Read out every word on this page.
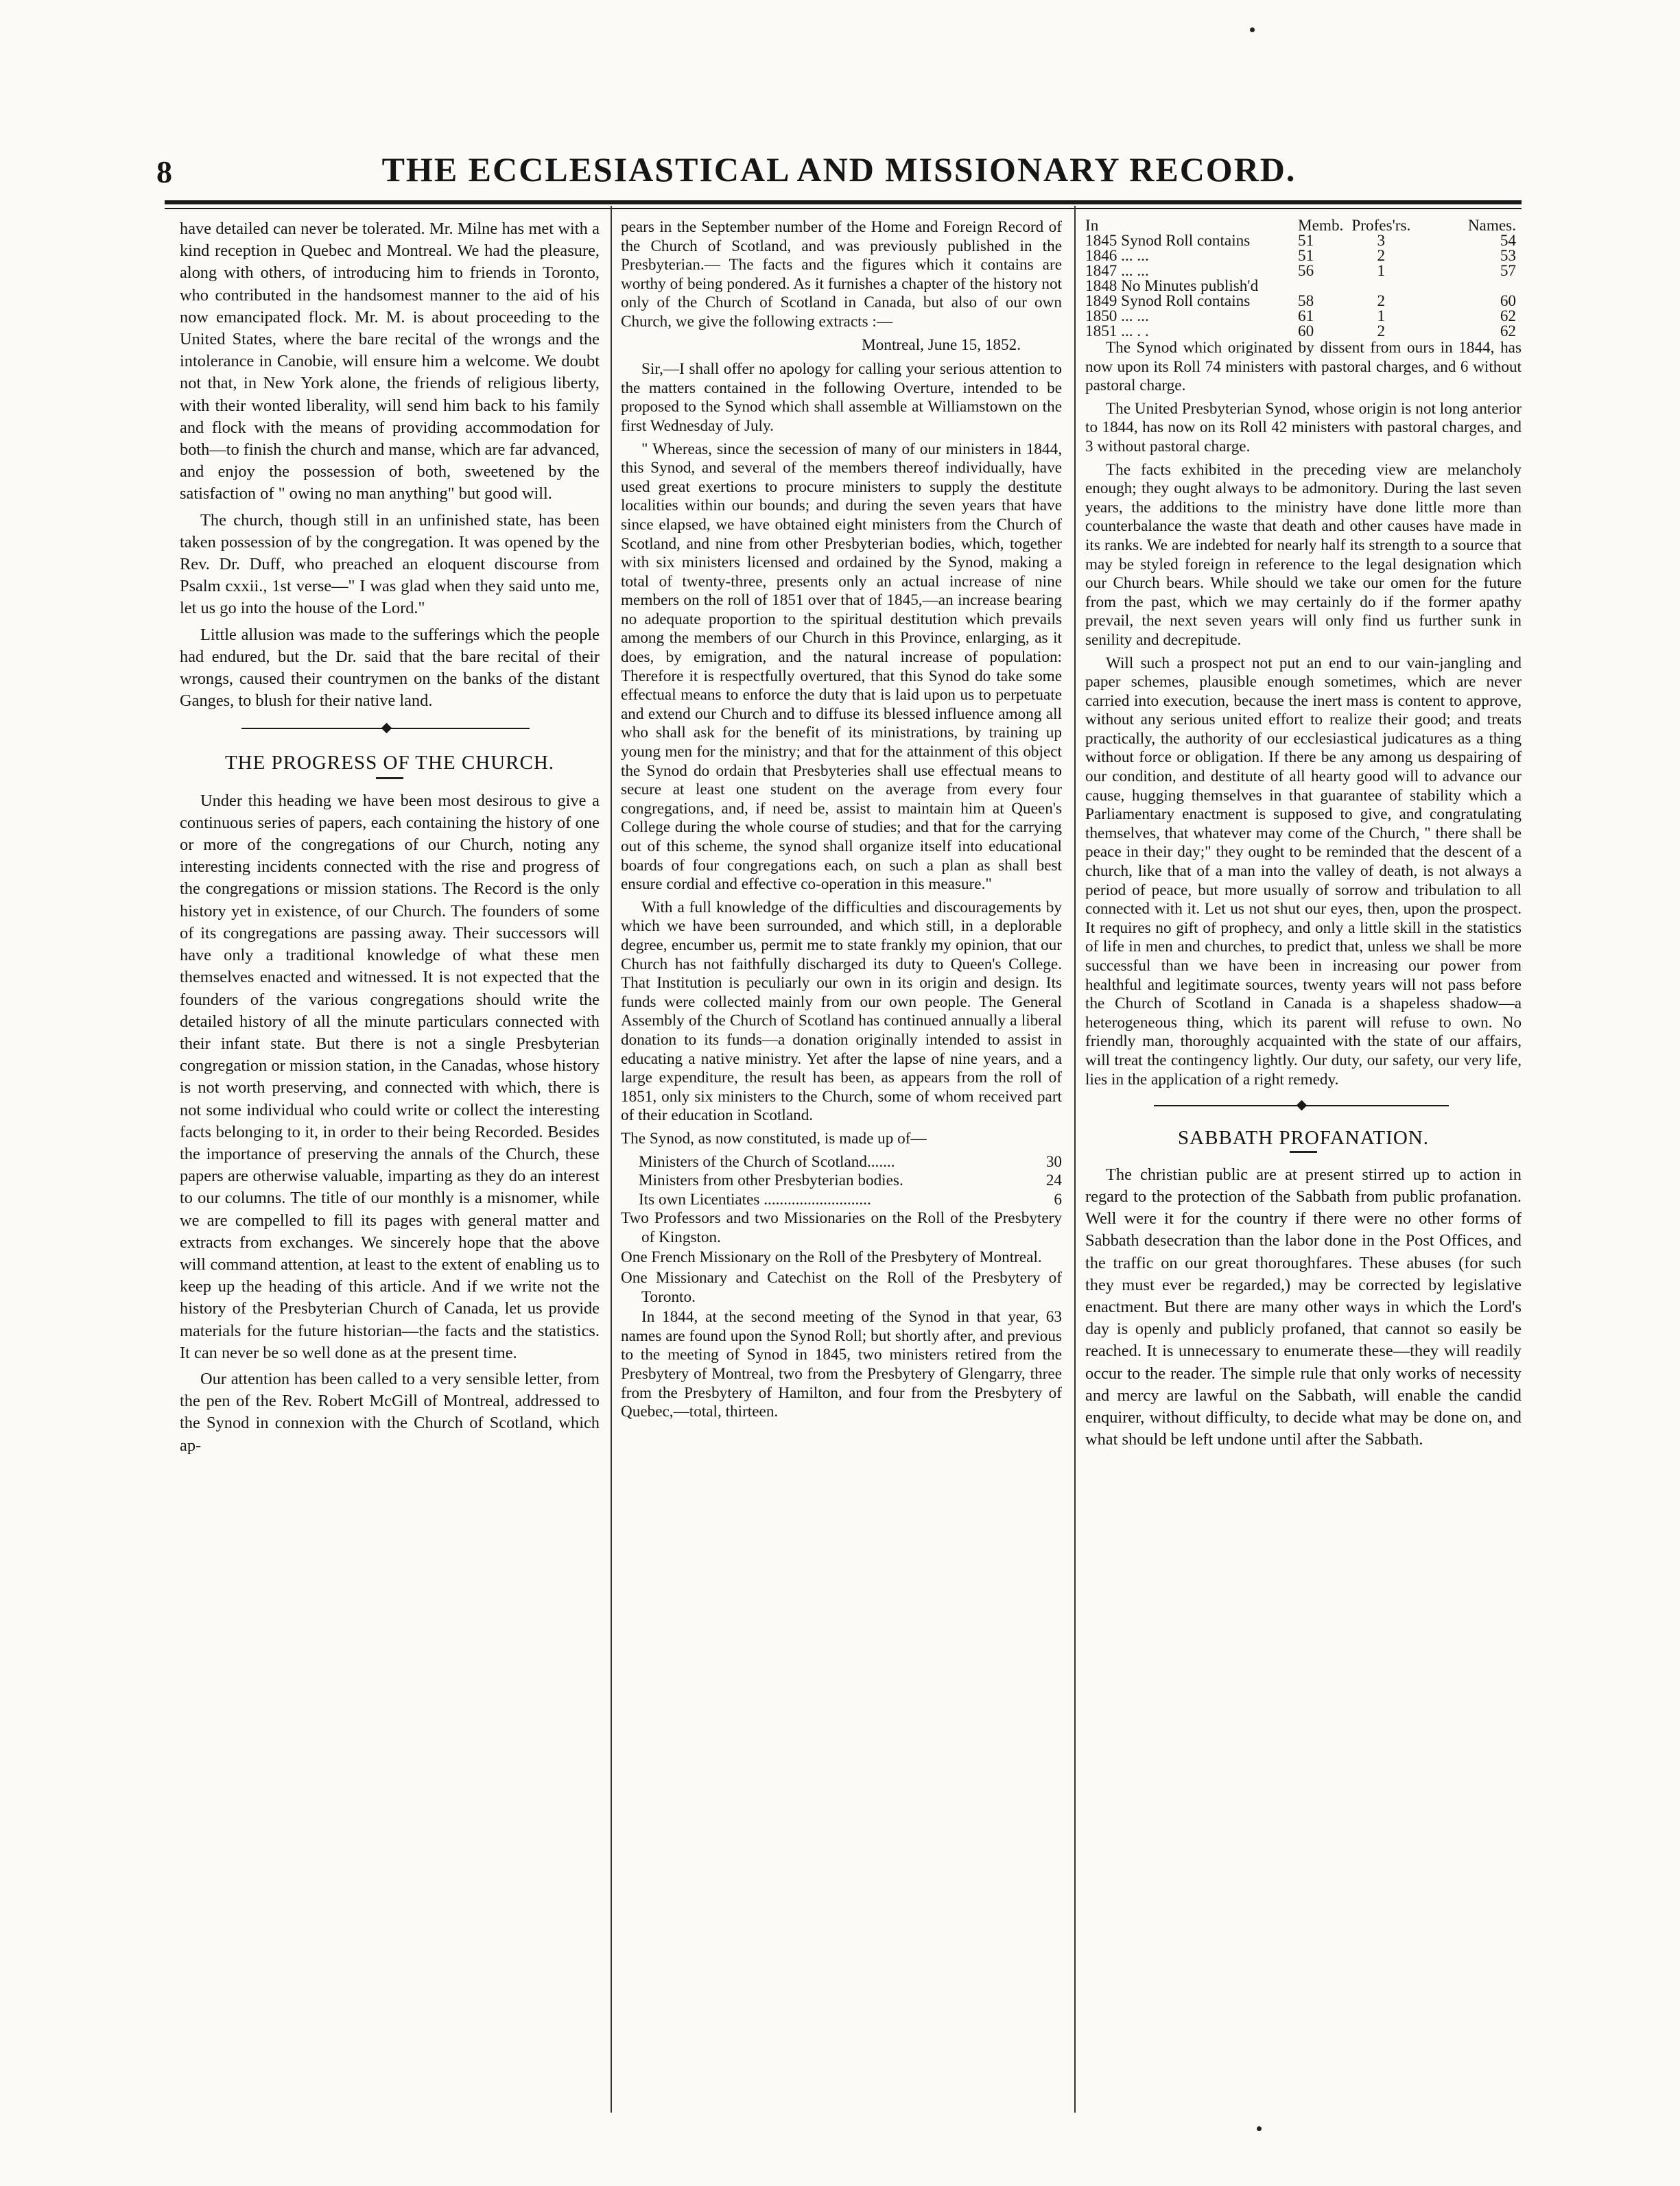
8	THE ECCLESIASTICAL AND MISSIONARY RECORD.

have detailed can never be tolerated. Mr. Milne has met with a kind reception in Quebec and Montreal. We had the pleasure, along with others, of introducing him to friends in Toronto, who contributed in the handsomest manner to the aid of his now emancipated flock. Mr. M. is about proceeding to the United States, where the bare recital of the wrongs and the intolerance in Canobie, will ensure him a welcome. We doubt not that, in New York alone, the friends of religious liberty, with their wonted liberality, will send him back to his family and flock with the means of providing accommodation for both—to finish the church and manse, which are far advanced, and enjoy the possession of both, sweetened by the satisfaction of " owing no man anything" but good will.

The church, though still in an unfinished state, has been taken possession of by the congregation. It was opened by the Rev. Dr. Duff, who preached an eloquent discourse from Psalm cxxii., 1st verse—" I was glad when they said unto me, let us go into the house of the Lord."

Little allusion was made to the sufferings which the people had endured, but the Dr. said that the bare recital of their wrongs, caused their countrymen on the banks of the distant Ganges, to blush for their native land.

THE PROGRESS OF THE CHURCH.

Under this heading we have been most desirous to give a continuous series of papers, each containing the history of one or more of the congregations of our Church, noting any interesting incidents connected with the rise and progress of the congregations or mission stations. The Record is the only history yet in existence, of our Church. The founders of some of its congregations are passing away. Their successors will have only a traditional knowledge of what these men themselves enacted and witnessed. It is not expected that the founders of the various congregations should write the detailed history of all the minute particulars connected with their infant state. But there is not a single Presbyterian congregation or mission station, in the Canadas, whose history is not worth preserving, and connected with which, there is not some individual who could write or collect the interesting facts belonging to it, in order to their being Recorded. Besides the importance of preserving the annals of the Church, these papers are otherwise valuable, imparting as they do an interest to our columns. The title of our monthly is a misnomer, while we are compelled to fill its pages with general matter and extracts from exchanges. We sincerely hope that the above will command attention, at least to the extent of enabling us to keep up the heading of this article. And if we write not the history of the Presbyterian Church of Canada, let us provide materials for the future historian—the facts and the statistics. It can never be so well done as at the present time.

Our attention has been called to a very sensible letter, from the pen of the Rev. Robert McGill of Montreal, addressed to the Synod in connexion with the Church of Scotland, which ap-

pears in the September number of the Home and Foreign Record of the Church of Scotland, and was previously published in the Presbyterian.— The facts and the figures which it contains are worthy of being pondered. As it furnishes a chapter of the history not only of the Church of Scotland in Canada, but also of our own Church, we give the following extracts :—

Montreal, June 15, 1852.

Sir,—I shall offer no apology for calling your serious attention to the matters contained in the following Overture, intended to be proposed to the Synod which shall assemble at Williamstown on the first Wednesday of July.

" Whereas, since the secession of many of our ministers in 1844, this Synod, and several of the members thereof individually, have used great exertions to procure ministers to supply the destitute localities within our bounds; and during the seven years that have since elapsed, we have obtained eight ministers from the Church of Scotland, and nine from other Presbyterian bodies, which, together with six ministers licensed and ordained by the Synod, making a total of twenty-three, presents only an actual increase of nine members on the roll of 1851 over that of 1845,—an increase bearing no adequate proportion to the spiritual destitution which prevails among the members of our Church in this Province, enlarging, as it does, by emigration, and the natural increase of population: Therefore it is respectfully overtured, that this Synod do take some effectual means to enforce the duty that is laid upon us to perpetuate and extend our Church and to diffuse its blessed influence among all who shall ask for the benefit of its ministrations, by training up young men for the ministry; and that for the attainment of this object the Synod do ordain that Presbyteries shall use effectual means to secure at least one student on the average from every four congregations, and, if need be, assist to maintain him at Queen's College during the whole course of studies; and that for the carrying out of this scheme, the synod shall organize itself into educational boards of four congregations each, on such a plan as shall best ensure cordial and effective co-operation in this measure."

With a full knowledge of the difficulties and discouragements by which we have been surrounded, and which still, in a deplorable degree, encumber us, permit me to state frankly my opinion, that our Church has not faithfully discharged its duty to Queen's College. That Institution is peculiarly our own in its origin and design. Its funds were collected mainly from our own people. The General Assembly of the Church of Scotland has continued annually a liberal donation to its funds—a donation originally intended to assist in educating a native ministry. Yet after the lapse of nine years, and a large expenditure, the result has been, as appears from the roll of 1851, only six ministers to the Church, some of whom received part of their education in Scotland.

The Synod, as now constituted, is made up of—

Ministers of the Church of Scotland.......	30

Ministers from other Presbyterian bodies.	24

Its own Licentiates ...........................	6

Two Professors and two Missionaries on the Roll of the Presbytery of Kingston.

One French Missionary on the Roll of the Presbytery of Montreal.

One Missionary and Catechist on the Roll of the Presbytery of Toronto.

In 1844, at the second meeting of the Synod in that year, 63 names are found upon the Synod Roll; but shortly after, and previous to the meeting of Synod in 1845, two ministers retired from the Presbytery of Montreal, two from the Presbytery of Glengarry, three from the Presbytery of Hamilton, and four from the Presbytery of Quebec,—total, thirteen.

In	Memb.	Profes'rs.	Names.
1845 Synod Roll contains	51	3	54
1846 ... ...	51	2	53
1847 ... ...	56	1	57
1848 No Minutes publish'd			
1849 Synod Roll contains	58	2	60
1850 ... ...	61	1	62
1851 ... . .	60	2	62

The Synod which originated by dissent from ours in 1844, has now upon its Roll 74 ministers with pastoral charges, and 6 without pastoral charge.

The United Presbyterian Synod, whose origin is not long anterior to 1844, has now on its Roll 42 ministers with pastoral charges, and 3 without pastoral charge.

The facts exhibited in the preceding view are melancholy enough; they ought always to be admonitory. During the last seven years, the additions to the ministry have done little more than counterbalance the waste that death and other causes have made in its ranks. We are indebted for nearly half its strength to a source that may be styled foreign in reference to the legal designation which our Church bears. While should we take our omen for the future from the past, which we may certainly do if the former apathy prevail, the next seven years will only find us further sunk in senility and decrepitude.

Will such a prospect not put an end to our vain-jangling and paper schemes, plausible enough sometimes, which are never carried into execution, because the inert mass is content to approve, without any serious united effort to realize their good; and treats practically, the authority of our ecclesiastical judicatures as a thing without force or obligation. If there be any among us despairing of our condition, and destitute of all hearty good will to advance our cause, hugging themselves in that guarantee of stability which a Parliamentary enactment is supposed to give, and congratulating themselves, that whatever may come of the Church, " there shall be peace in their day;" they ought to be reminded that the descent of a church, like that of a man into the valley of death, is not always a period of peace, but more usually of sorrow and tribulation to all connected with it. Let us not shut our eyes, then, upon the prospect. It requires no gift of prophecy, and only a little skill in the statistics of life in men and churches, to predict that, unless we shall be more successful than we have been in increasing our power from healthful and legitimate sources, twenty years will not pass before the Church of Scotland in Canada is a shapeless shadow—a heterogeneous thing, which its parent will refuse to own. No friendly man, thoroughly acquainted with the state of our affairs, will treat the contingency lightly. Our duty, our safety, our very life, lies in the application of a right remedy.

SABBATH PROFANATION.

The christian public are at present stirred up to action in regard to the protection of the Sabbath from public profanation. Well were it for the country if there were no other forms of Sabbath desecration than the labor done in the Post Offices, and the traffic on our great thoroughfares. These abuses (for such they must ever be regarded,) may be corrected by legislative enactment. But there are many other ways in which the Lord's day is openly and publicly profaned, that cannot so easily be reached. It is unnecessary to enumerate these—they will readily occur to the reader. The simple rule that only works of necessity and mercy are lawful on the Sabbath, will enable the candid enquirer, without difficulty, to decide what may be done on, and what should be left undone until after the Sabbath.
